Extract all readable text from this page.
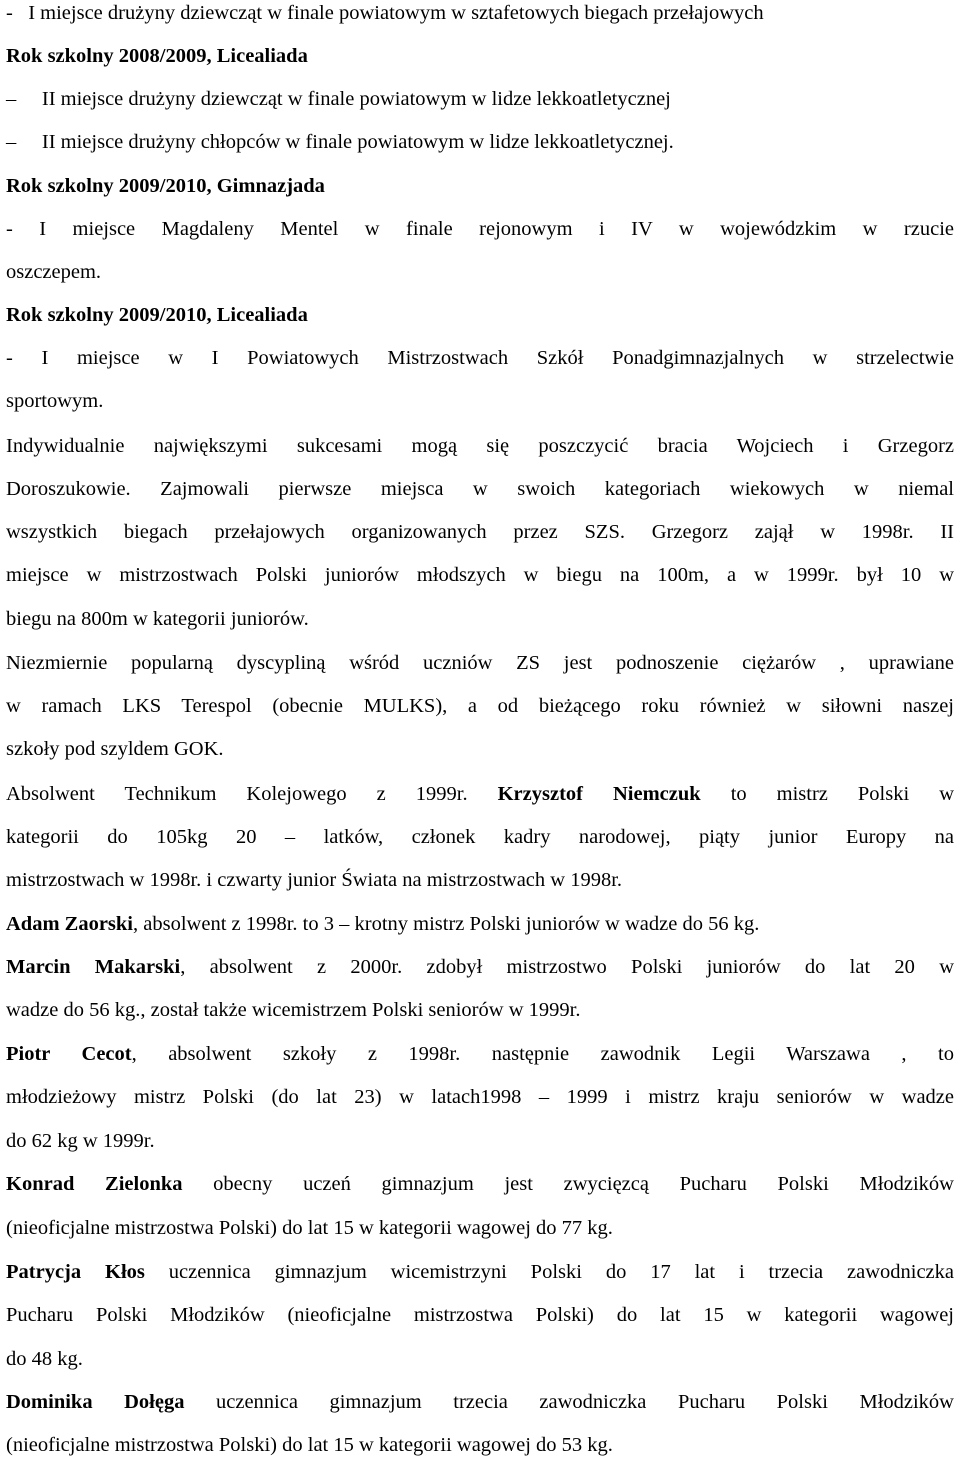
-   I miejsce drużyny dziewcząt w finale powiatowym w sztafetowych biegach przełajowych
Rok szkolny 2008/2009, Licealiada
–     II miejsce drużyny dziewcząt w finale powiatowym w lidze lekkoatletycznej
–     II miejsce drużyny chłopców w finale powiatowym w lidze lekkoatletycznej.
Rok szkolny 2009/2010, Gimnazjada
- I miejsce Magdaleny Mentel w finale rejonowym i IV w wojewódzkim w rzucie
oszczepem.
Rok szkolny 2009/2010, Licealiada
- I miejsce w I Powiatowych Mistrzostwach Szkół Ponadgimnazjalnych w strzelectwie
sportowym.
Indywidualnie największymi sukcesami mogą się poszczycić bracia Wojciech i Grzegorz
Doroszukowie. Zajmowali pierwsze miejsca w swoich kategoriach wiekowych w niemal
wszystkich biegach przełajowych organizowanych przez SZS. Grzegorz zajął w 1998r. II
miejsce w mistrzostwach Polski juniorów młodszych w biegu na 100m, a w 1999r. był 10 w
biegu na 800m w kategorii juniorów.
Niezmiernie popularną dyscypliną wśród uczniów ZS jest podnoszenie ciężarów , uprawiane
w ramach LKS Terespol (obecnie MULKS), a od bieżącego roku również w siłowni naszej
szkoły pod szyldem GOK.
Absolwent Technikum Kolejowego z 1999r. Krzysztof Niemczuk to mistrz Polski w
kategorii do 105kg 20 – latków, członek kadry narodowej, piąty junior Europy na
mistrzostwach w 1998r. i czwarty junior Świata na mistrzostwach w 1998r.
Adam Zaorski, absolwent z 1998r. to 3 – krotny mistrz Polski juniorów w wadze do 56 kg.
Marcin Makarski, absolwent z 2000r. zdobył mistrzostwo Polski juniorów do lat 20 w
wadze do 56 kg., został także wicemistrzem Polski seniorów w 1999r.
Piotr Cecot, absolwent szkoły z 1998r. następnie zawodnik Legii Warszawa , to
młodzieżowy mistrz Polski (do lat 23) w latach1998 – 1999 i mistrz kraju seniorów w wadze
do 62 kg w 1999r.
Konrad Zielonka obecny uczeń gimnazjum jest zwycięzcą Pucharu Polski Młodzików
(nieoficjalne mistrzostwa Polski) do lat 15 w kategorii wagowej do 77 kg.
Patrycja Kłos uczennica gimnazjum wicemistrzyni Polski do 17 lat i trzecia zawodniczka
Pucharu Polski Młodzików (nieoficjalne mistrzostwa Polski) do lat 15 w kategorii wagowej
do 48 kg.
Dominika Dołęga uczennica gimnazjum trzecia zawodniczka Pucharu Polski Młodzików
(nieoficjalne mistrzostwa Polski) do lat 15 w kategorii wagowej do 53 kg.
